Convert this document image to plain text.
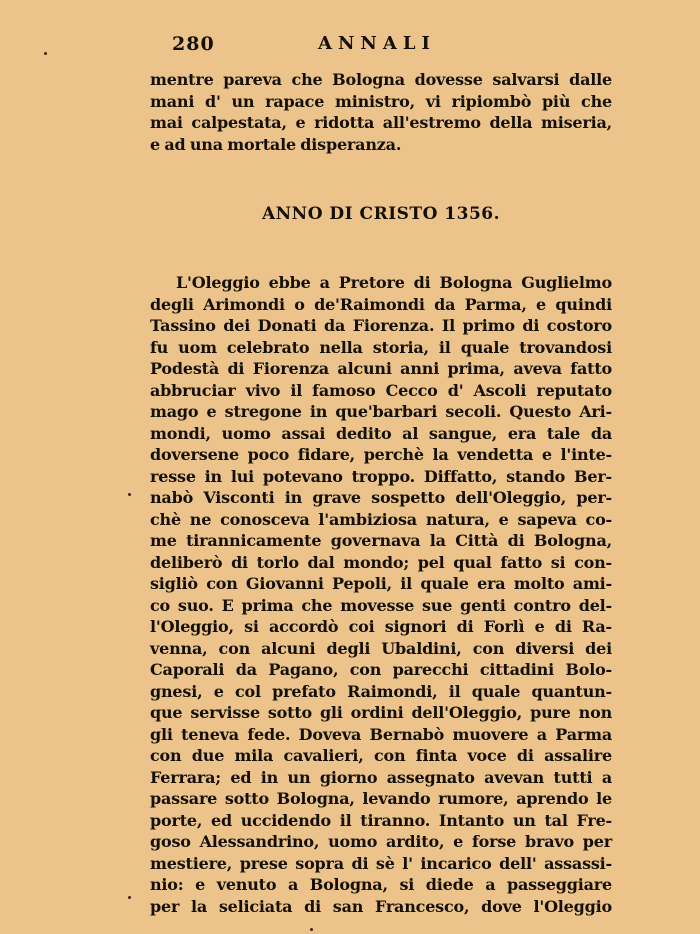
280	ANNALI
mentre pareva che Bologna dovesse salvarsi dalle
mani d' un rapace ministro, vi ripiombò più che
mai calpestata, e ridotta all'estremo della miseria,
e ad una mortale disperanza.
ANNO DI CRISTO 1356.
L'Oleggio ebbe a Pretore di Bologna Guglielmo
degli Arimondi o de'Raimondi da Parma, e quindi
Tassino dei Donati da Fiorenza. Il primo di costoro
fu uom celebrato nella storia, il quale trovandosi
Podestà di Fiorenza alcuni anni prima, aveva fatto
abbruciar vivo il famoso Cecco d' Ascoli reputato
mago e stregone in que'barbari secoli. Questo Ari-
mondi, uomo assai dedito al sangue, era tale da
doversene poco fidare, perchè la vendetta e l'inte-
resse in lui potevano troppo. Diffatto, stando Ber-
nabò Visconti in grave sospetto dell'Oleggio, per-
chè ne conosceva l'ambiziosa natura, e sapeva co-
me tirannicamente governava la Città di Bologna,
deliberò di torlo dal mondo; pel qual fatto si con-
sigliò con Giovanni Pepoli, il quale era molto ami-
co suo. E prima che movesse sue genti contro del-
l'Oleggio, si accordò coi signori di Forlì e di Ra-
venna, con alcuni degli Ubaldini, con diversi dei
Caporali da Pagano, con parecchi cittadini Bolo-
gnesi, e col prefato Raimondi, il quale quantun-
que servisse sotto gli ordini dell'Oleggio, pure non
gli teneva fede. Doveva Bernabò muovere a Parma
con due mila cavalieri, con finta voce di assalire
Ferrara; ed in un giorno assegnato avevan tutti a
passare sotto Bologna, levando rumore, aprendo le
porte, ed uccidendo il tiranno. Intanto un tal Fre-
goso Alessandrino, uomo ardito, e forse bravo per
mestiere, prese sopra di sè l' incarico dell' assassi-
nio: e venuto a Bologna, si diede a passeggiare
per la seliciata di san Francesco, dove l'Oleggio
